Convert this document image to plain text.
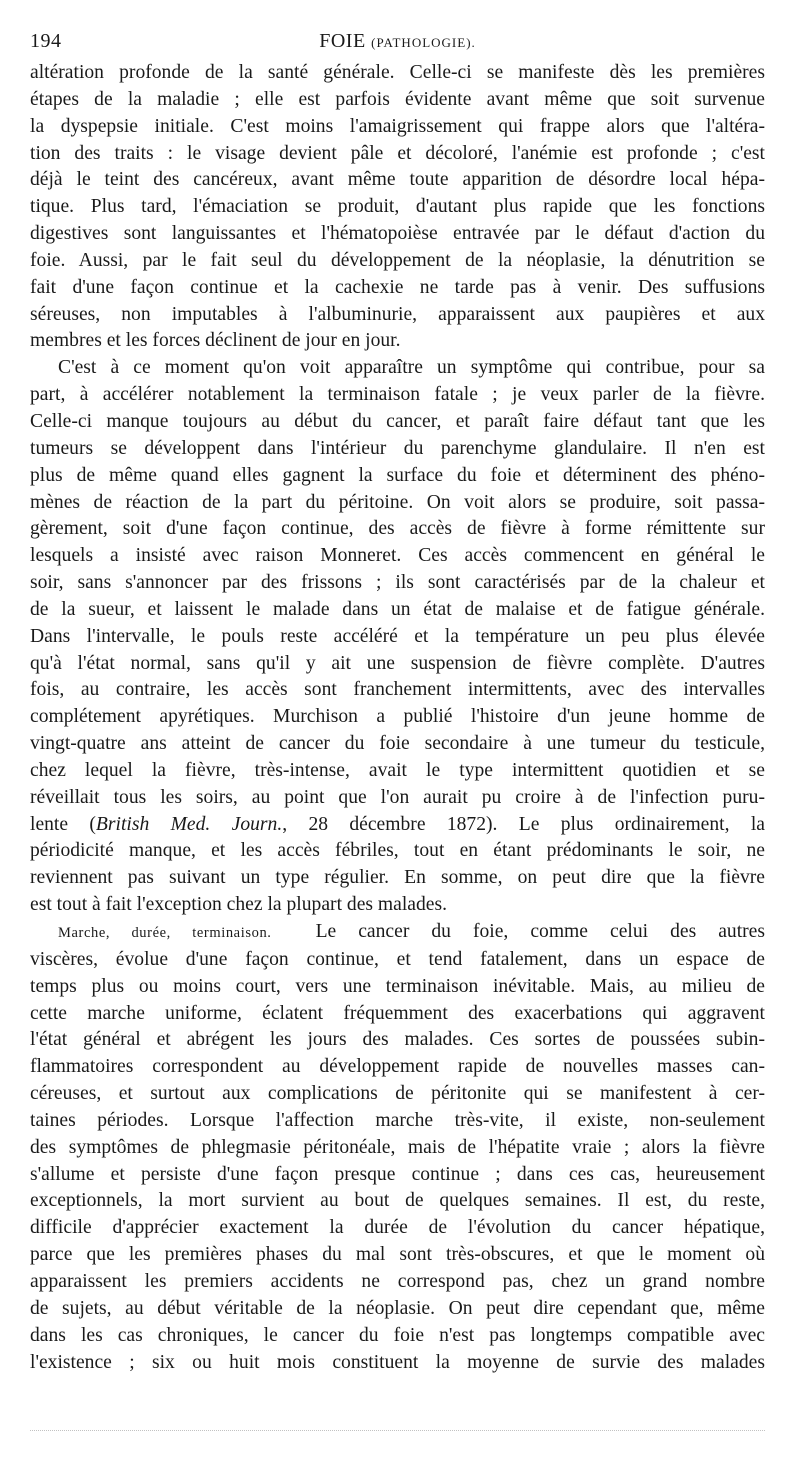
194	FOIE (PATHOLOGIE).
altération profonde de la santé générale. Celle-ci se manifeste dès les premières
étapes de la maladie ; elle est parfois évidente avant même que soit survenue
la dyspepsie initiale. C'est moins l'amaigrissement qui frappe alors que l'altéra-
tion des traits : le visage devient pâle et décoloré, l'anémie est profonde ; c'est
déjà le teint des cancéreux, avant même toute apparition de désordre local hépa-
tique. Plus tard, l'émaciation se produit, d'autant plus rapide que les fonctions
digestives sont languissantes et l'hématopoièse entravée par le défaut d'action du
foie. Aussi, par le fait seul du développement de la néoplasie, la dénutrition se
fait d'une façon continue et la cachexie ne tarde pas à venir. Des suffusions
séreuses, non imputables à l'albuminurie, apparaissent aux paupières et aux
membres et les forces déclinent de jour en jour.
C'est à ce moment qu'on voit apparaître un symptôme qui contribue, pour sa
part, à accélérer notablement la terminaison fatale ; je veux parler de la fièvre.
Celle-ci manque toujours au début du cancer, et paraît faire défaut tant que les
tumeurs se développent dans l'intérieur du parenchyme glandulaire. Il n'en est
plus de même quand elles gagnent la surface du foie et déterminent des phéno-
mènes de réaction de la part du péritoine. On voit alors se produire, soit passa-
gèrement, soit d'une façon continue, des accès de fièvre à forme rémittente sur
lesquels a insisté avec raison Monneret. Ces accès commencent en général le
soir, sans s'annoncer par des frissons ; ils sont caractérisés par de la chaleur et
de la sueur, et laissent le malade dans un état de malaise et de fatigue générale.
Dans l'intervalle, le pouls reste accéléré et la température un peu plus élevée
qu'à l'état normal, sans qu'il y ait une suspension de fièvre complète. D'autres
fois, au contraire, les accès sont franchement intermittents, avec des intervalles
complétement apyrétiques. Murchison a publié l'histoire d'un jeune homme de
vingt-quatre ans atteint de cancer du foie secondaire à une tumeur du testicule,
chez lequel la fièvre, très-intense, avait le type intermittent quotidien et se
réveillait tous les soirs, au point que l'on aurait pu croire à de l'infection puru-
lente (British Med. Journ., 28 décembre 1872). Le plus ordinairement, la
périodicité manque, et les accès fébriles, tout en étant prédominants le soir, ne
reviennent pas suivant un type régulier. En somme, on peut dire que la fièvre
est tout à fait l'exception chez la plupart des malades.
Marche, durée, terminaison. Le cancer du foie, comme celui des autres
viscères, évolue d'une façon continue, et tend fatalement, dans un espace de
temps plus ou moins court, vers une terminaison inévitable. Mais, au milieu de
cette marche uniforme, éclatent fréquemment des exacerbations qui aggravent
l'état général et abrégent les jours des malades. Ces sortes de poussées subin-
flammatoires correspondent au développement rapide de nouvelles masses can-
céreuses, et surtout aux complications de péritonite qui se manifestent à cer-
taines périodes. Lorsque l'affection marche très-vite, il existe, non-seulement
des symptômes de phlegmasie péritonéale, mais de l'hépatite vraie ; alors la fièvre
s'allume et persiste d'une façon presque continue ; dans ces cas, heureusement
exceptionnels, la mort survient au bout de quelques semaines. Il est, du reste,
difficile d'apprécier exactement la durée de l'évolution du cancer hépatique,
parce que les premières phases du mal sont très-obscures, et que le moment où
apparaissent les premiers accidents ne correspond pas, chez un grand nombre
de sujets, au début véritable de la néoplasie. On peut dire cependant que, même
dans les cas chroniques, le cancer du foie n'est pas longtemps compatible avec
l'existence ; six ou huit mois constituent la moyenne de survie des malades
